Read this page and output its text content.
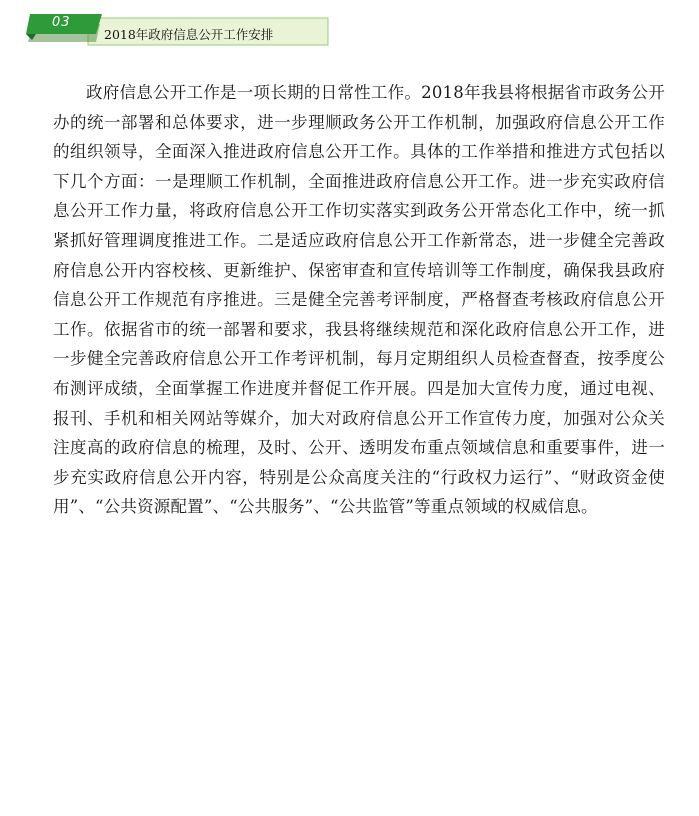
03
2018年政府信息公开工作安排

政府信息公开工作是一项长期的日常性工作。2018年我县将根据省市政务公开办的统一部署和总体要求，进一步理顺政务公开工作机制，加强政府信息公开工作的组织领导，全面深入推进政府信息公开工作。具体的工作举措和推进方式包括以下几个方面：一是理顺工作机制，全面推进政府信息公开工作。进一步充实政府信息公开工作力量，将政府信息公开工作切实落实到政务公开常态化工作中，统一抓紧抓好管理调度推进工作。二是适应政府信息公开工作新常态，进一步健全完善政府信息公开内容校核、更新维护、保密审查和宣传培训等工作制度，确保我县政府信息公开工作规范有序推进。三是健全完善考评制度，严格督查考核政府信息公开工作。依据省市的统一部署和要求，我县将继续规范和深化政府信息公开工作，进一步健全完善政府信息公开工作考评机制，每月定期组织人员检查督查，按季度公布测评成绩，全面掌握工作进度并督促工作开展。四是加大宣传力度，通过电视、报刊、手机和相关网站等媒介，加大对政府信息公开工作宣传力度，加强对公众关注度高的政府信息的梳理，及时、公开、透明发布重点领域信息和重要事件，进一步充实政府信息公开内容，特别是公众高度关注的“行政权力运行”、“财政资金使用”、“公共资源配置”、“公共服务”、“公共监管”等重点领域的权威信息。
